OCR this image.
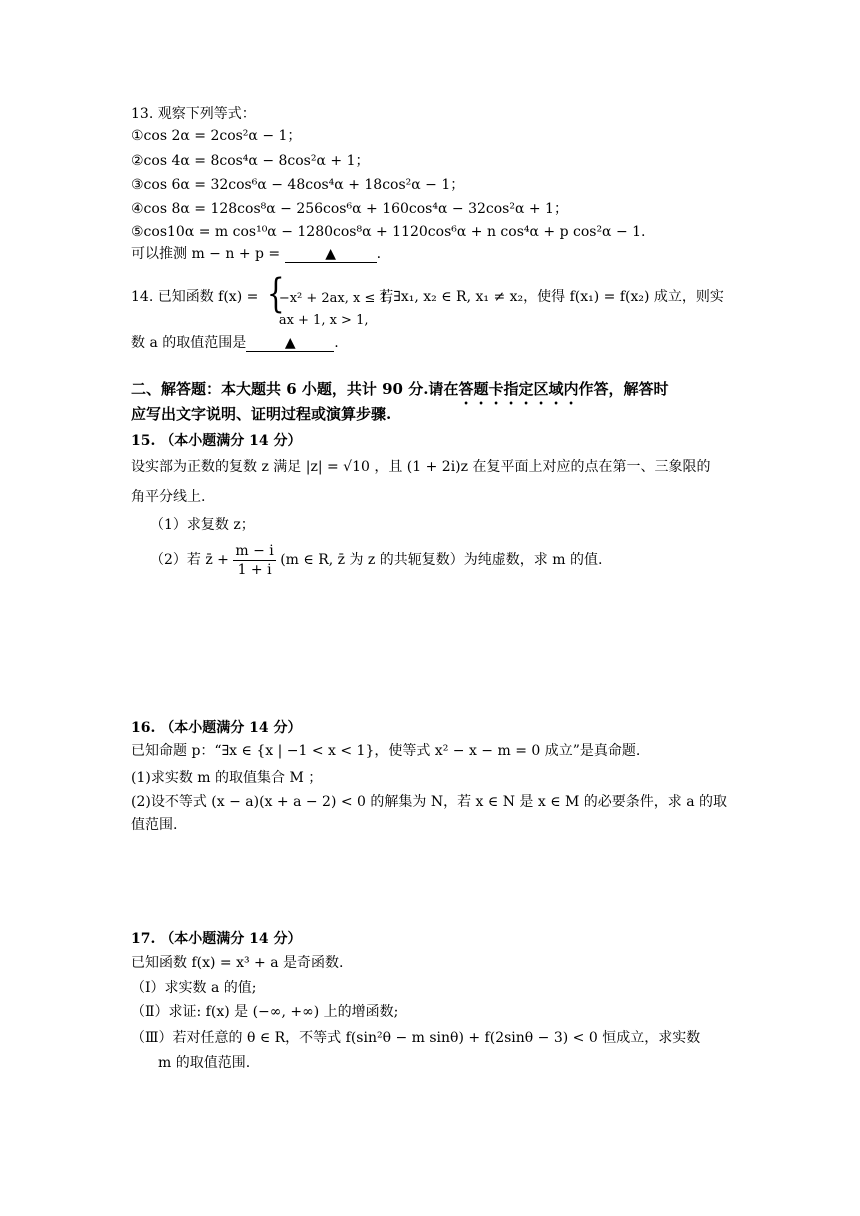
13. 观察下列等式：
①cos 2α = 2cos²α − 1；
②cos 4α = 8cos⁴α − 8cos²α + 1；
③cos 6α = 32cos⁶α − 48cos⁴α + 18cos²α − 1；
④cos 8α = 128cos⁸α − 256cos⁶α + 160cos⁴α − 32cos²α + 1；
⑤cos10α = m cos¹⁰α − 1280cos⁸α + 1120cos⁶α + n cos⁴α + p cos²α − 1.
可以推测 m − n + p =	▲	.
14. 已知函数 f(x) = {
−x² + 2ax, x ≤ 1,
ax + 1, x > 1,
若∃x₁, x₂ ∈ R, x₁ ≠ x₂，使得 f(x₁) = f(x₂) 成立，则实
数 a 的取值范围是	▲	.
二、解答题：本大题共 6 小题，共计 90 分.请在答题卡指定区域内作答，解答时
应写出文字说明、证明过程或演算步骤.
15. （本小题满分 14 分）
设实部为正数的复数 z 满足 |z| = √10 ，且 (1 + 2i)z 在复平面上对应的点在第一、三象限的
角平分线上.
（1）求复数 z；
（2）若 z̄ + $\frac{m - i}{1 + i} (m$ ∈ R, z̄ 为 z 的共轭复数）为纯虚数，求 m 的值.
16. （本小题满分 14 分）
已知命题 p：“∃x ∈ {x | −1 < x < 1}，使等式 x² − x − m = 0 成立”是真命题.
(1)求实数 m 的取值集合 M ；
(2)设不等式 (x − a)(x + a − 2) < 0 的解集为 N，若 x ∈ N 是 x ∈ M 的必要条件，求 a 的取
值范围.
17. （本小题满分 14 分）
已知函数 f(x) = x³ + a 是奇函数.
（Ⅰ）求实数 a 的值;
（Ⅱ）求证: f(x) 是 (−∞, +∞) 上的增函数;
（Ⅲ）若对任意的 θ ∈ R，不等式 f(sin²θ − m sinθ) + f(2sinθ − 3) < 0 恒成立，求实数
m 的取值范围.
